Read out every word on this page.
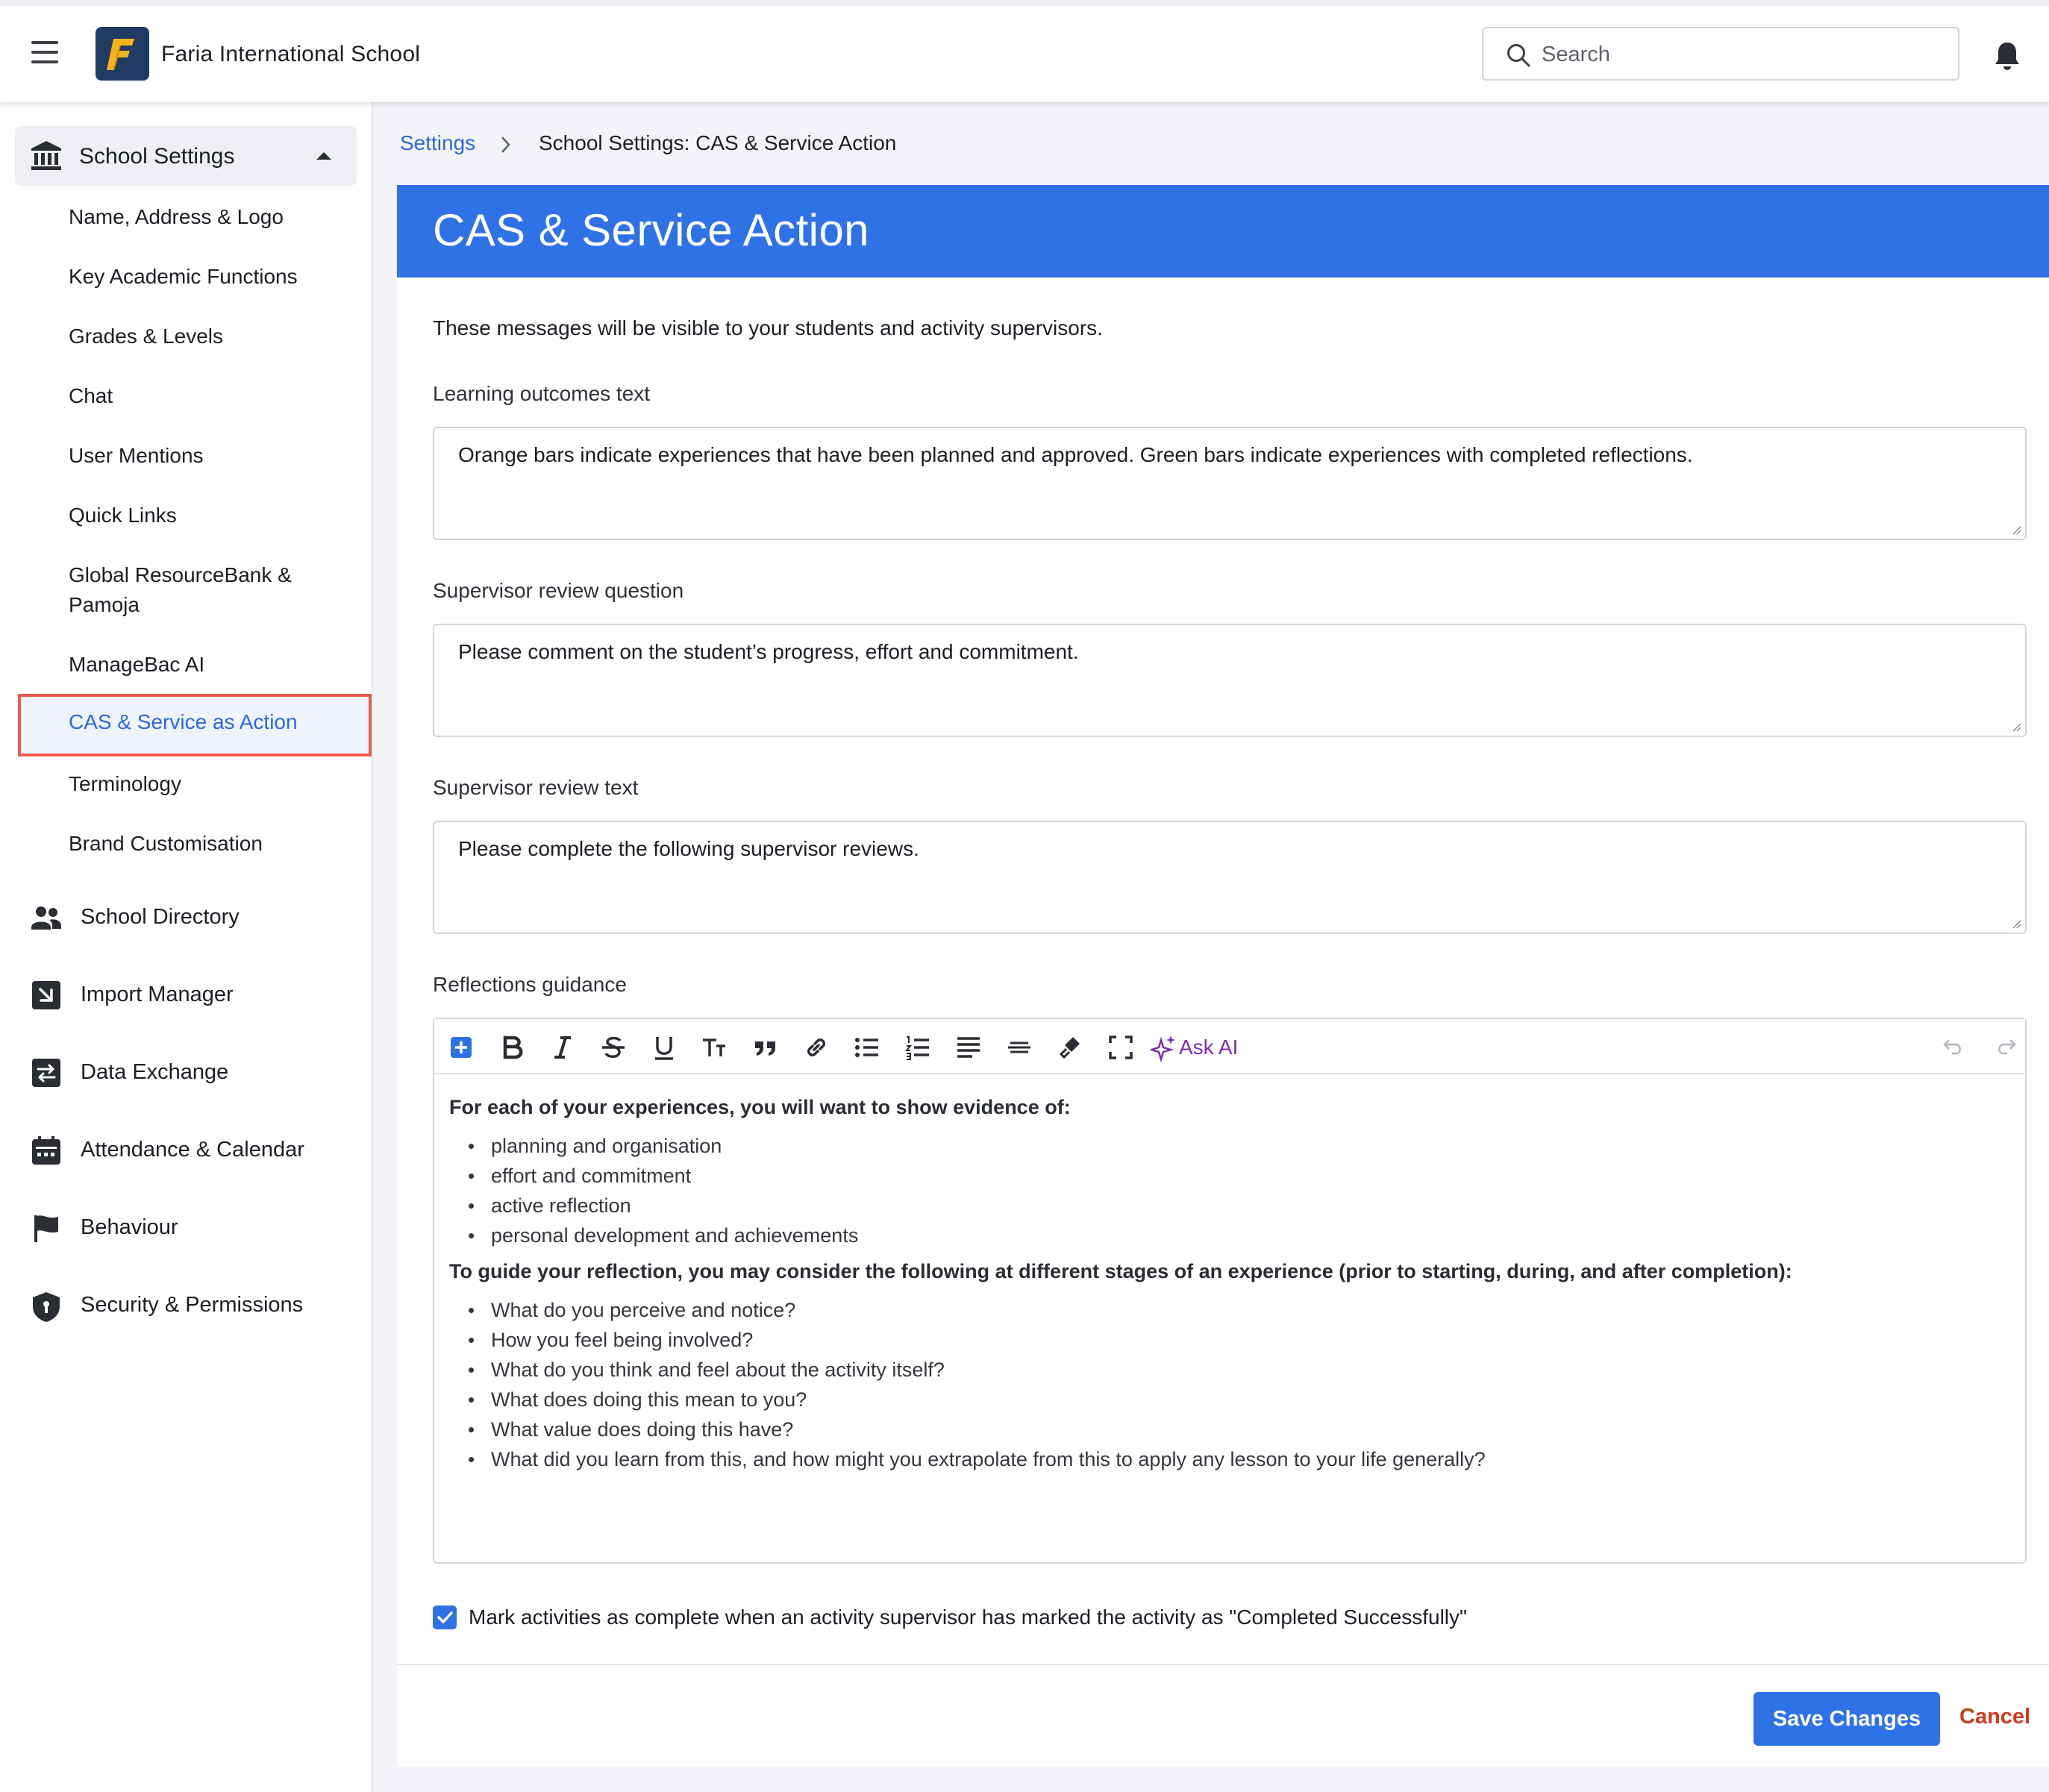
Faria International School
Search
School Settings
Name, Address & Logo
Key Academic Functions
Grades & Levels
Chat
User Mentions
Quick Links
Global ResourceBank &
Pamoja
ManageBac AI
CAS & Service as Action
Terminology
Brand Customisation
School Directory
Import Manager
Data Exchange
Attendance & Calendar
Behaviour
Security & Permissions
Settings	School Settings: CAS & Service Action
CAS & Service Action
These messages will be visible to your students and activity supervisors.
Learning outcomes text
Orange bars indicate experiences that have been planned and approved. Green bars indicate experiences with completed reflections.
Supervisor review question
Please comment on the student’s progress, effort and commitment.
Supervisor review text
Please complete the following supervisor reviews.
Reflections guidance
Ask AI
For each of your experiences, you will want to show evidence of:
planning and organisation
effort and commitment
active reflection
personal development and achievements
To guide your reflection, you may consider the following at different stages of an experience (prior to starting, during, and after completion):
What do you perceive and notice?
How you feel being involved?
What do you think and feel about the activity itself?
What does doing this mean to you?
What value does doing this have?
What did you learn from this, and how might you extrapolate from this to apply any lesson to your life generally?
Mark activities as complete when an activity supervisor has marked the activity as "Completed Successfully"
Save Changes	Cancel
